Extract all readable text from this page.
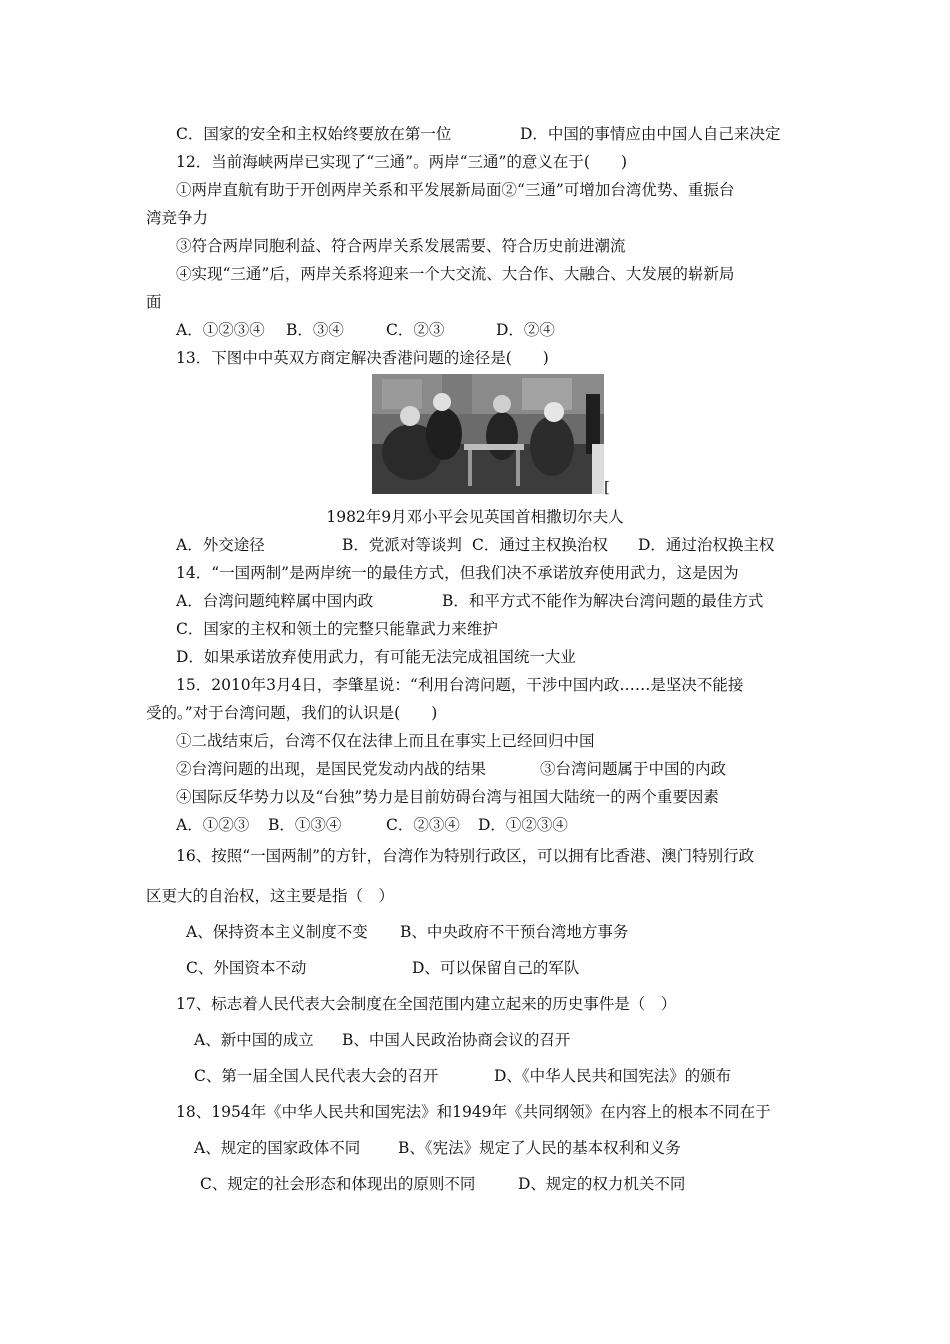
C．国家的安全和主权始终要放在第一位	D．中国的事情应由中国人自己来决定
12．当前海峡两岸已实现了“三通”。两岸“三通”的意义在于(　　)
①两岸直航有助于开创两岸关系和平发展新局面②“三通”可增加台湾优势、重振台
湾竞争力
③符合两岸同胞利益、符合两岸关系发展需要、符合历史前进潮流
④实现“三通”后，两岸关系将迎来一个大交流、大合作、大融合、大发展的崭新局
面
A．①②③④ B．③④	C．②③	D．②④
13．下图中中英双方商定解决香港问题的途径是(　　)
[
1982年9月邓小平会见英国首相撒切尔夫人
A．外交途径	B．党派对等谈判 C．通过主权换治权 D．通过治权换主权
14．“一国两制”是两岸统一的最佳方式，但我们决不承诺放弃使用武力，这是因为
A．台湾问题纯粹属中国内政	B．和平方式不能作为解决台湾问题的最佳方式
C．国家的主权和领土的完整只能靠武力来维护
D．如果承诺放弃使用武力，有可能无法完成祖国统一大业
15．2010年3月4日，李肇星说：“利用台湾问题，干涉中国内政……是坚决不能接
受的。”对于台湾问题，我们的认识是(　　)
①二战结束后，台湾不仅在法律上而且在事实上已经回归中国
②台湾问题的出现，是国民党发动内战的结果	③台湾问题属于中国的内政
④国际反华势力以及“台独”势力是目前妨碍台湾与祖国大陆统一的两个重要因素
A．①②③ B．①③④	C．②③④ D．①②③④
16、按照“一国两制”的方针，台湾作为特别行政区，可以拥有比香港、澳门特别行政
区更大的自治权，这主要是指（　）
A、保持资本主义制度不变 B、中央政府不干预台湾地方事务
C、外国资本不动	D、可以保留自己的军队
17、标志着人民代表大会制度在全国范围内建立起来的历史事件是（　）
A、新中国的成立 B、中国人民政治协商会议的召开
C、第一届全国人民代表大会的召开	D、《中华人民共和国宪法》的颁布
18、1954年《中华人民共和国宪法》和1949年《共同纲领》在内容上的根本不同在于
A、规定的国家政体不同 B、《宪法》规定了人民的基本权利和义务
C、规定的社会形态和体现出的原则不同	D、规定的权力机关不同
